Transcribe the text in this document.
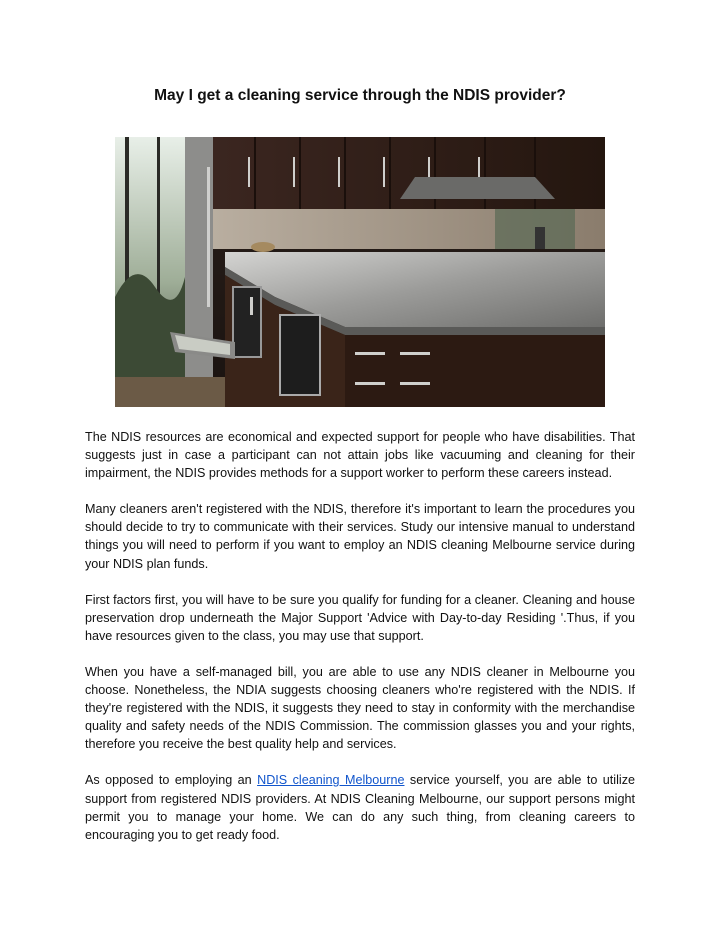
May I get a cleaning service through the NDIS provider?

The NDIS resources are economical and expected support for people who have disabilities. That suggests just in case a participant can not attain jobs like vacuuming and cleaning for their impairment, the NDIS provides methods for a support worker to perform these careers instead.

Many cleaners aren't registered with the NDIS, therefore it's important to learn the procedures you should decide to try to communicate with their services. Study our intensive manual to understand things you will need to perform if you want to employ an NDIS cleaning Melbourne service during your NDIS plan funds.

First factors first, you will have to be sure you qualify for funding for a cleaner. Cleaning and house preservation drop underneath the Major Support 'Advice with Day-to-day Residing '.Thus, if you have resources given to the class, you may use that support.

When you have a self-managed bill, you are able to use any NDIS cleaner in Melbourne you choose. Nonetheless, the NDIA suggests choosing cleaners who're registered with the NDIS. If they're registered with the NDIS, it suggests they need to stay in conformity with the merchandise quality and safety needs of the NDIS Commission. The commission glasses you and your rights, therefore you receive the best quality help and services.

As opposed to employing an NDIS cleaning Melbourne service yourself, you are able to utilize support from registered NDIS providers. At NDIS Cleaning Melbourne, our support persons might permit you to manage your home. We can do any such thing, from cleaning careers to encouraging you to get ready food.
